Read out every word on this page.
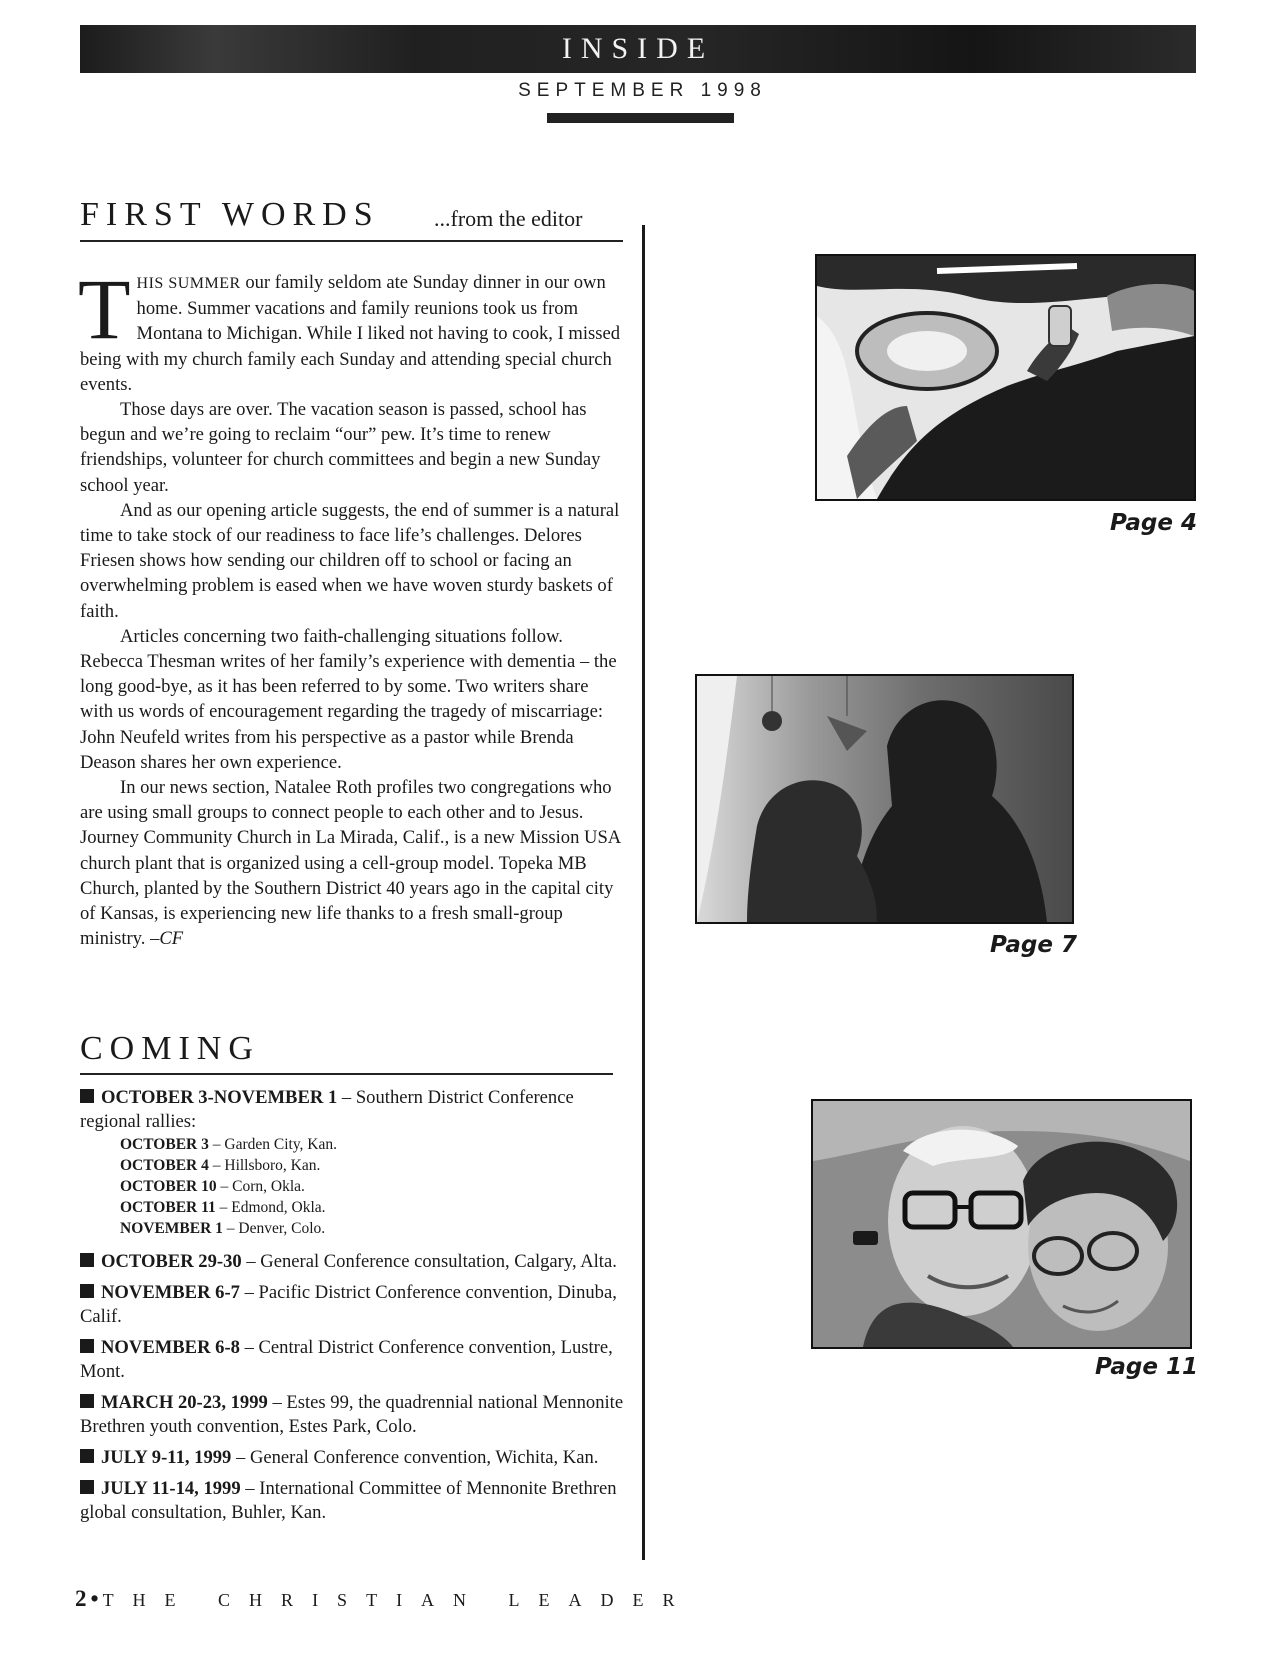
INSIDE
SEPTEMBER 1998
FIRST WORDS ...from the editor

THIS SUMMER our family seldom ate Sunday dinner in our own home. Summer vacations and family reunions took us from Montana to Michigan. While I liked not having to cook, I missed being with my church family each Sunday and attending special church events.

Those days are over. The vacation season is passed, school has begun and we’re going to reclaim “our” pew. It’s time to renew friendships, volunteer for church committees and begin a new Sunday school year.

And as our opening article suggests, the end of summer is a natural time to take stock of our readiness to face life’s challenges. Delores Friesen shows how sending our children off to school or facing an overwhelming problem is eased when we have woven sturdy baskets of faith.

Articles concerning two faith-challenging situations follow. Rebecca Thesman writes of her family’s experience with dementia – the long good-bye, as it has been referred to by some. Two writers share with us words of encouragement regarding the tragedy of miscarriage: John Neufeld writes from his perspective as a pastor while Brenda Deason shares her own experience.

In our news section, Natalee Roth profiles two congregations who are using small groups to connect people to each other and to Jesus. Journey Community Church in La Mirada, Calif., is a new Mission USA church plant that is organized using a cell-group model. Topeka MB Church, planted by the Southern District 40 years ago in the capital city of Kansas, is experiencing new life thanks to a fresh small-group ministry. –CF

COMING
OCTOBER 3-NOVEMBER 1 – Southern District Conference regional rallies:
OCTOBER 3 – Garden City, Kan.
OCTOBER 4 – Hillsboro, Kan.
OCTOBER 10 – Corn, Okla.
OCTOBER 11 – Edmond, Okla.
NOVEMBER 1 – Denver, Colo.
OCTOBER 29-30 – General Conference consultation, Calgary, Alta.
NOVEMBER 6-7 – Pacific District Conference convention, Dinuba, Calif.
NOVEMBER 6-8 – Central District Conference convention, Lustre, Mont.
MARCH 20-23, 1999 – Estes 99, the quadrennial national Mennonite Brethren youth convention, Estes Park, Colo.
JULY 9-11, 1999 – General Conference convention, Wichita, Kan.
JULY 11-14, 1999 – International Committee of Mennonite Brethren global consultation, Buhler, Kan.
Page 4
Page 7
Page 11
2•THE CHRISTIAN LEADER
